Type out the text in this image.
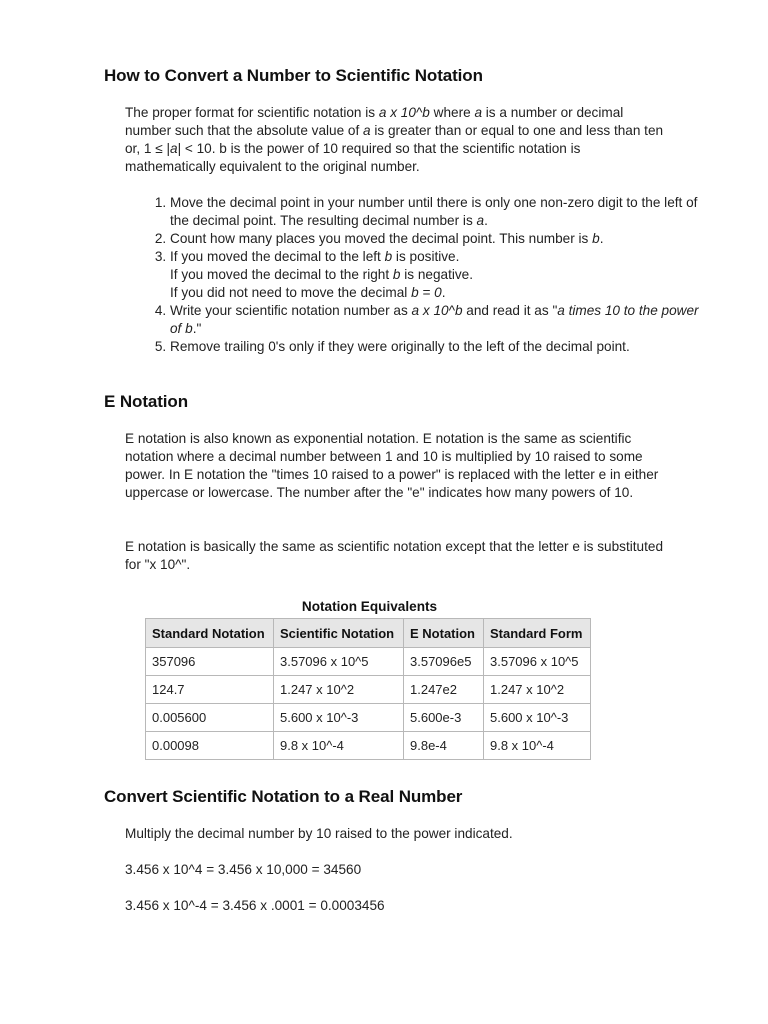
How to Convert a Number to Scientific Notation

The proper format for scientific notation is a x 10^b where a is a number or decimal number such that the absolute value of a is greater than or equal to one and less than ten or, 1 ≤ |a| < 10. b is the power of 10 required so that the scientific notation is mathematically equivalent to the original number.

1. Move the decimal point in your number until there is only one non-zero digit to the left of the decimal point. The resulting decimal number is a.
2. Count how many places you moved the decimal point. This number is b.
3. If you moved the decimal to the left b is positive.
If you moved the decimal to the right b is negative.
If you did not need to move the decimal b = 0.
4. Write your scientific notation number as a x 10^b and read it as "a times 10 to the power of b."
5. Remove trailing 0's only if they were originally to the left of the decimal point.
E Notation

E notation is also known as exponential notation. E notation is the same as scientific notation where a decimal number between 1 and 10 is multiplied by 10 raised to some power. In E notation the "times 10 raised to a power" is replaced with the letter e in either uppercase or lowercase. The number after the "e" indicates how many powers of 10.

E notation is basically the same as scientific notation except that the letter e is substituted for "x 10^".

Notation Equivalents
Standard Notation	Scientific Notation	E Notation	Standard Form
357096	3.57096 x 10^5	3.57096e5	3.57096 x 10^5
124.7	1.247 x 10^2	1.247e2	1.247 x 10^2
0.005600	5.600 x 10^-3	5.600e-3	5.600 x 10^-3
0.00098	9.8 x 10^-4	9.8e-4	9.8 x 10^-4
Convert Scientific Notation to a Real Number

Multiply the decimal number by 10 raised to the power indicated.

3.456 x 10^4 = 3.456 x 10,000 = 34560

3.456 x 10^-4 = 3.456 x .0001 = 0.0003456
